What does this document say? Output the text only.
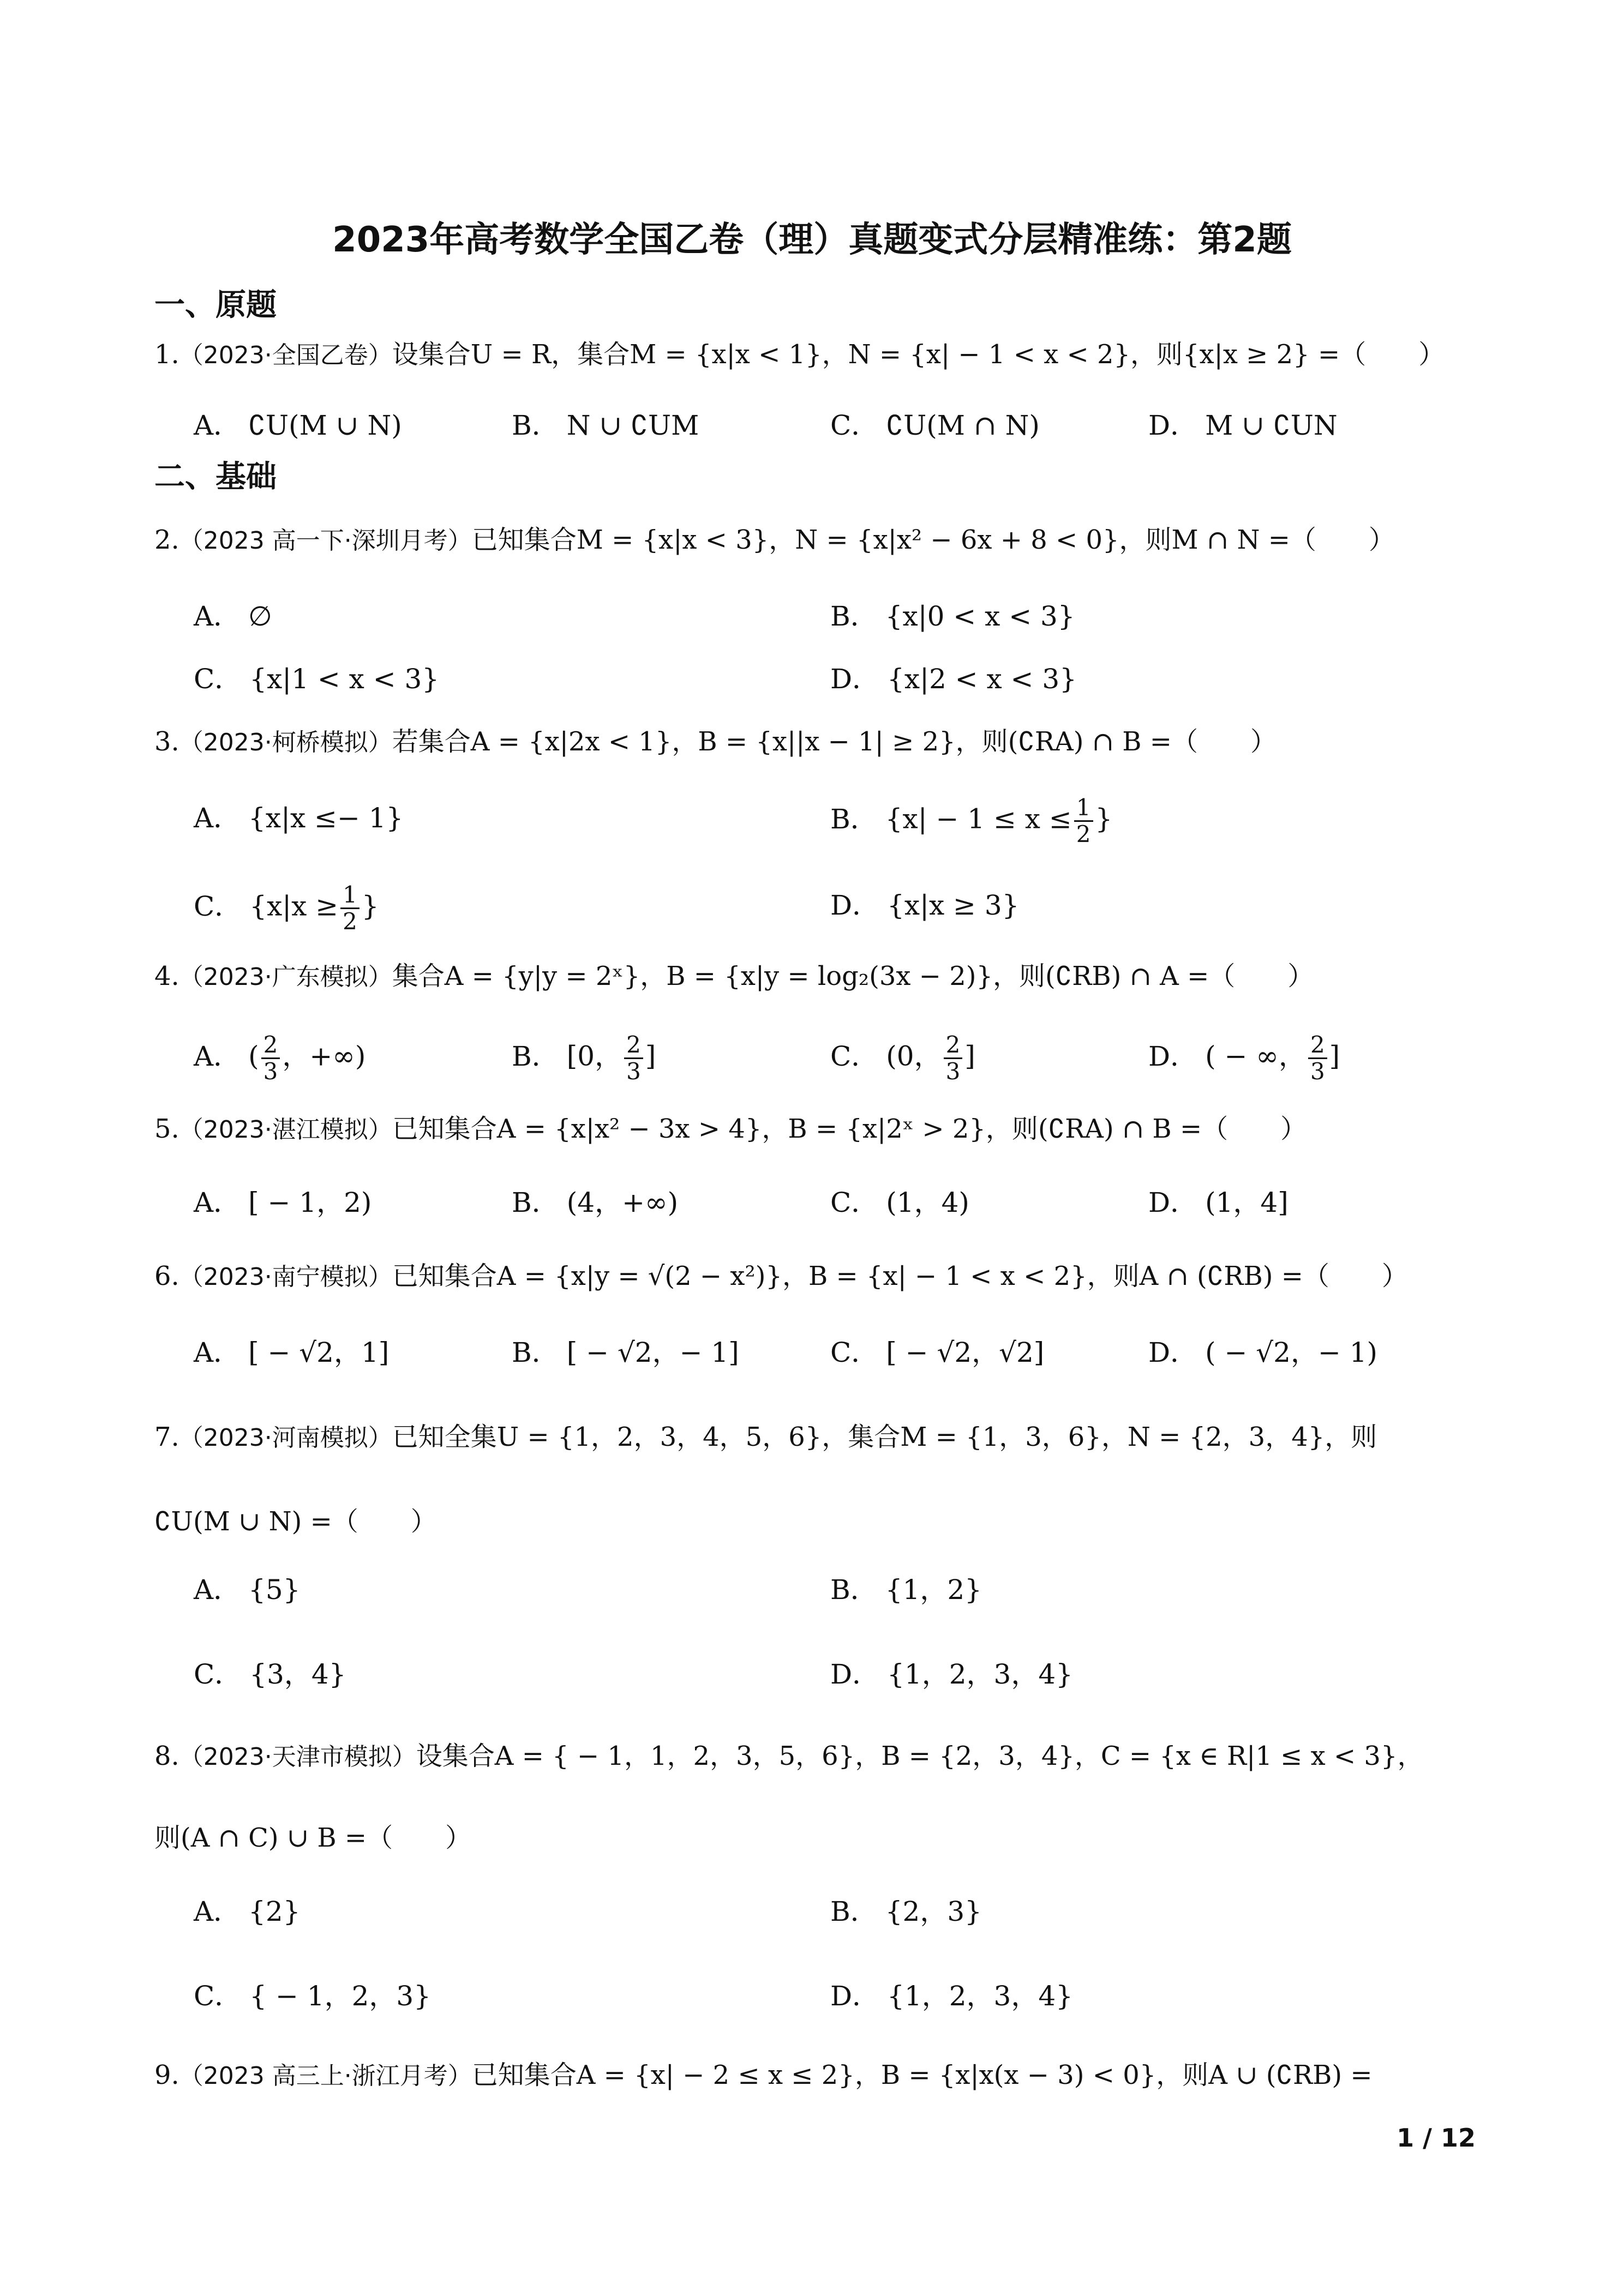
2023年高考数学全国乙卷（理）真题变式分层精准练：第2题
一、原题
1.（2023·全国乙卷）设集合U = R，集合M = {x|x < 1}，N = {x| − 1 < x < 2}，则{x|x ≥ 2} =（　　）
A． ∁U(M ∪ N)	B． N ∪ ∁UM	C． ∁U(M ∩ N)	D． M ∪ ∁UN
二、基础
2.（2023 高一下·深圳月考）已知集合M = {x|x < 3}，N = {x|x² − 6x + 8 < 0}，则M ∩ N =（　　）
A． ∅	B． {x|0 < x < 3}
C． {x|1 < x < 3}	D． {x|2 < x < 3}
3.（2023·柯桥模拟）若集合A = {x|2x < 1}，B = {x||x − 1| ≥ 2}，则(∁RA) ∩ B =（　　）
A． {x|x ≤− 1}	B． {$x| - 1 \le x \le \frac{1}{2}$ }
C． {$x|x \ge \frac{1}{2}$ }	D． {x|x ≥ 3}
4.（2023·广东模拟）集合A = {y|y = 2ˣ}，B = {x|y = log₂(3x − 2)}，则(∁RB) ∩ A =（　　）
A． ( $\frac{2}{3}$ ，+∞)	B． [0， $\frac{2}{3}$ ]	C． (0， $\frac{2}{3}$ ]	D． ( − ∞， $\frac{2}{3}$ ]
5.（2023·湛江模拟）已知集合A = {x|x² − 3x > 4}，B = {x|2ˣ > 2}，则(∁RA) ∩ B =（　　）
A． [ − 1，2)	B． (4，+∞)	C． (1，4)	D． (1，4]
6.（2023·南宁模拟）已知集合A = {x|y = √(2 − x²)}，B = {x| − 1 < x < 2}，则A ∩ (∁RB) =（　　）
A． [ − √2，1]	B． [ − √2，− 1]	C． [ − √2，√2]	D． ( − √2，− 1)
7.（2023·河南模拟）已知全集U = {1，2，3，4，5，6}，集合M = {1，3，6}，N = {2，3，4}，则
∁U(M ∪ N) =（　　）
A． {5}	B． {1，2}
C． {3，4}	D． {1，2，3，4}
8.（2023·天津市模拟）设集合A = { − 1，1，2，3，5，6}，B = {2，3，4}，C = {x ∈ R|1 ≤ x < 3}，
则(A ∩ C) ∪ B =（　　）
A． {2}	B． {2，3}
C． { − 1，2，3}	D． {1，2，3，4}
9.（2023 高三上·浙江月考）已知集合A = {x| − 2 ≤ x ≤ 2}，B = {x|x(x − 3) < 0}，则A ∪ (∁RB) =
1 / 12
